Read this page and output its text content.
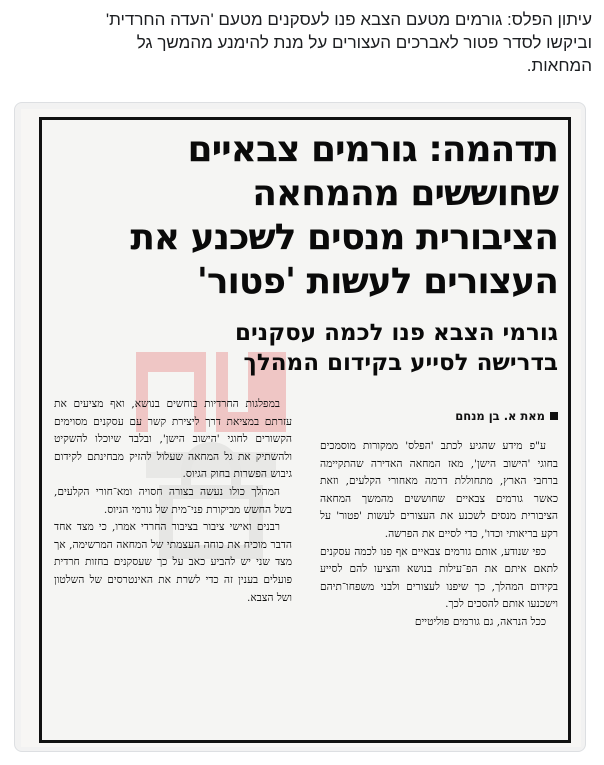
עיתון הפלס: גורמים מטעם הצבא פנו לעסקנים מטעם 'העדה החרדית'
וביקשו לסדר פטור לאברכים העצורים על מנת להימנע מהמשך גל
המחאות.
תדהמה: גורמים צבאיים
שחוששים מהמחאה
הציבורית מנסים לשכנע את
העצורים לעשות 'פטור'
גורמי הצבא פנו לכמה עסקנים
בדרישה לסייע בקידום המהלך
מאת א. בן מנחם

ע"פ מידע שהגיע לכתב 'הפלס' ממקורות מוסמכים בחוגי 'הישוב הישן', מאז המחאה האדירה שהתקיימה ברחבי הארץ, מתחוללת דרמה מאחורי הקלעים, וזאת כאשר גורמים צבאיים שחוששים מהמשך המחאה הציבורית מנסים לשכנע את העצורים לעשות 'פטור' על רקע בריאותי וכדו', כדי לסיים את הפרשה.

כפי שנודע, אותם גורמים צבאיים אף פנו לכמה עסקנים לתאם איתם את הפ־עילות בנושא והציעו להם לסייע בקידום המהלך, כך שיפנו לעצורים ולבני משפחו־תיהם וישכנעו אותם להסכים לכך.

ככל הנראה, גם גורמים פוליטיים

במפלגות החרדיות בוחשים בנושא, ואף מציעים את עזרתם במציאת דרך ליצירת קשר עם עסקנים מסוימים הקשורים לחוגי 'הישוב הישן', ובלבד שיוכלו להשקיט ולהשתיק את גל המחאה שעלול להזיק מבחינתם לקידום גיבוש הפשרות בחוק הגיוס.

המהלך כולו נעשה בצורה חסויה ומא־חורי הקלעים, בשל החשש מביקורת פני־מית של גורמי הגיוס.

רבנים ואישי ציבור בציבור החרדי אמרו, כי מצד אחד הדבר מוכיח את כוחה העצמתי של המחאה המרשימה, אך מצד שני יש להביע כאב על כך שעסקנים בחזות חרדית פועלים בענין זה כדי לשרת את האינטרסים של השלטון ושל הצבא.
